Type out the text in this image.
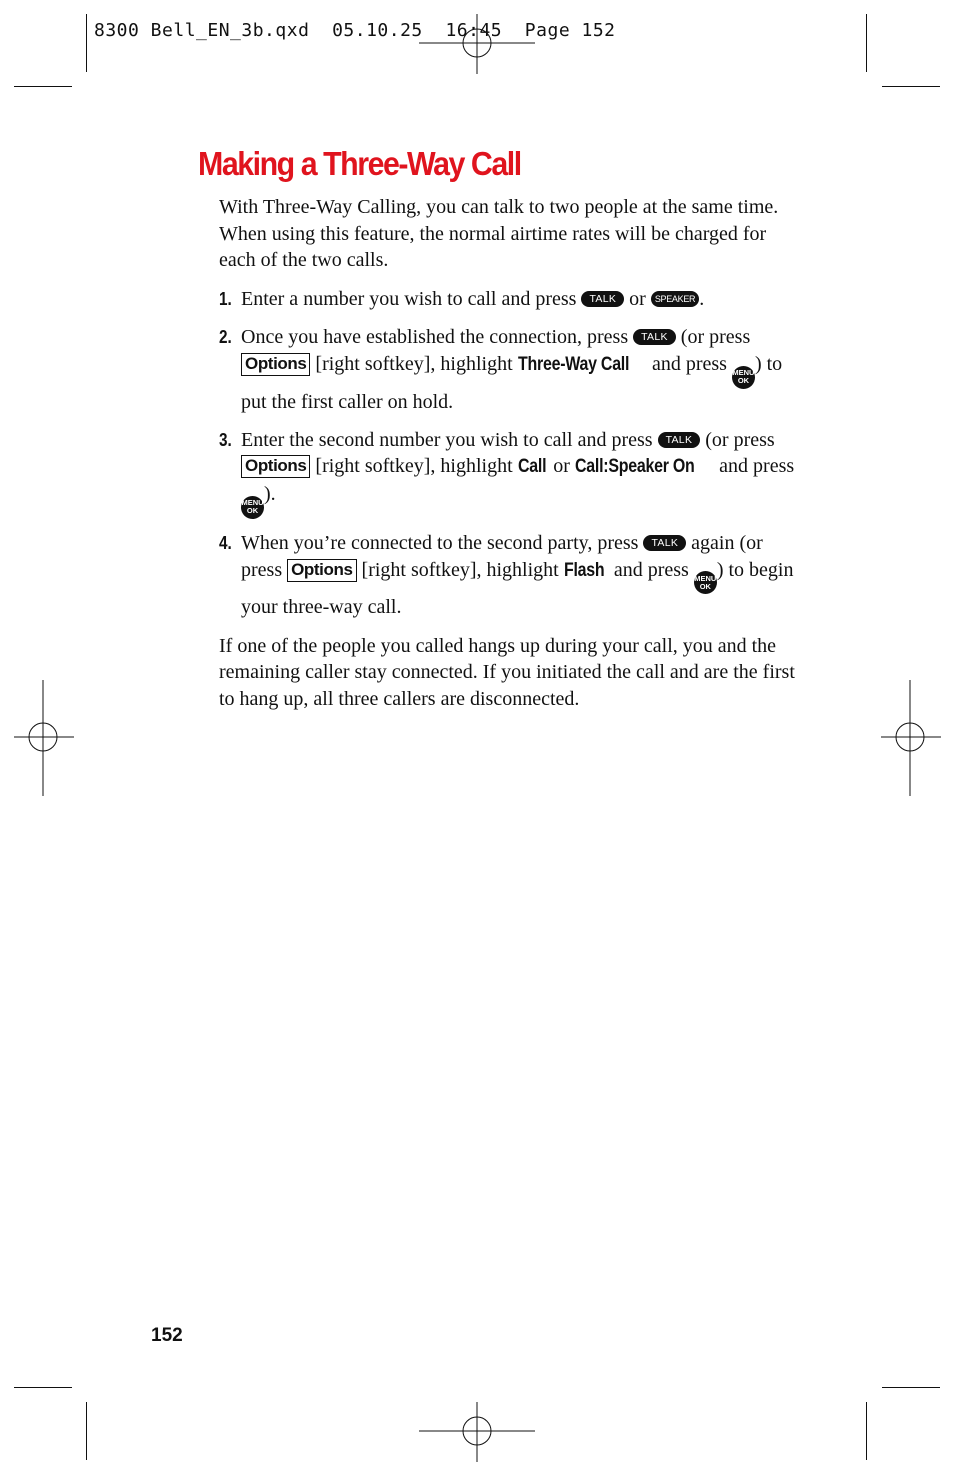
8300 Bell_EN_3b.qxd  05.10.25  16:45  Page 152
Making a Three-Way Call

With Three-Way Calling, you can talk to two people at the same time. When using this feature, the normal airtime rates will be charged for each of the two calls.

1. Enter a number you wish to call and press TALK or SPEAKER .
2. Once you have established the connection, press TALK (or press Options [right softkey], highlight Three-Way Call and press MENU
OK
) to put the first caller on hold.
3. Enter the second number you wish to call and press TALK (or press Options [right softkey], highlight Call or Call:Speaker On and press
MENU
OK
).
4. When you’re connected to the second party, press TALK again (or press Options [right softkey], highlight Flash and press MENU
OK
) to begin your three-way call.

If one of the people you called hangs up during your call, you and the remaining caller stay connected. If you initiated the call and are the first to hang up, all three callers are disconnected.

152
